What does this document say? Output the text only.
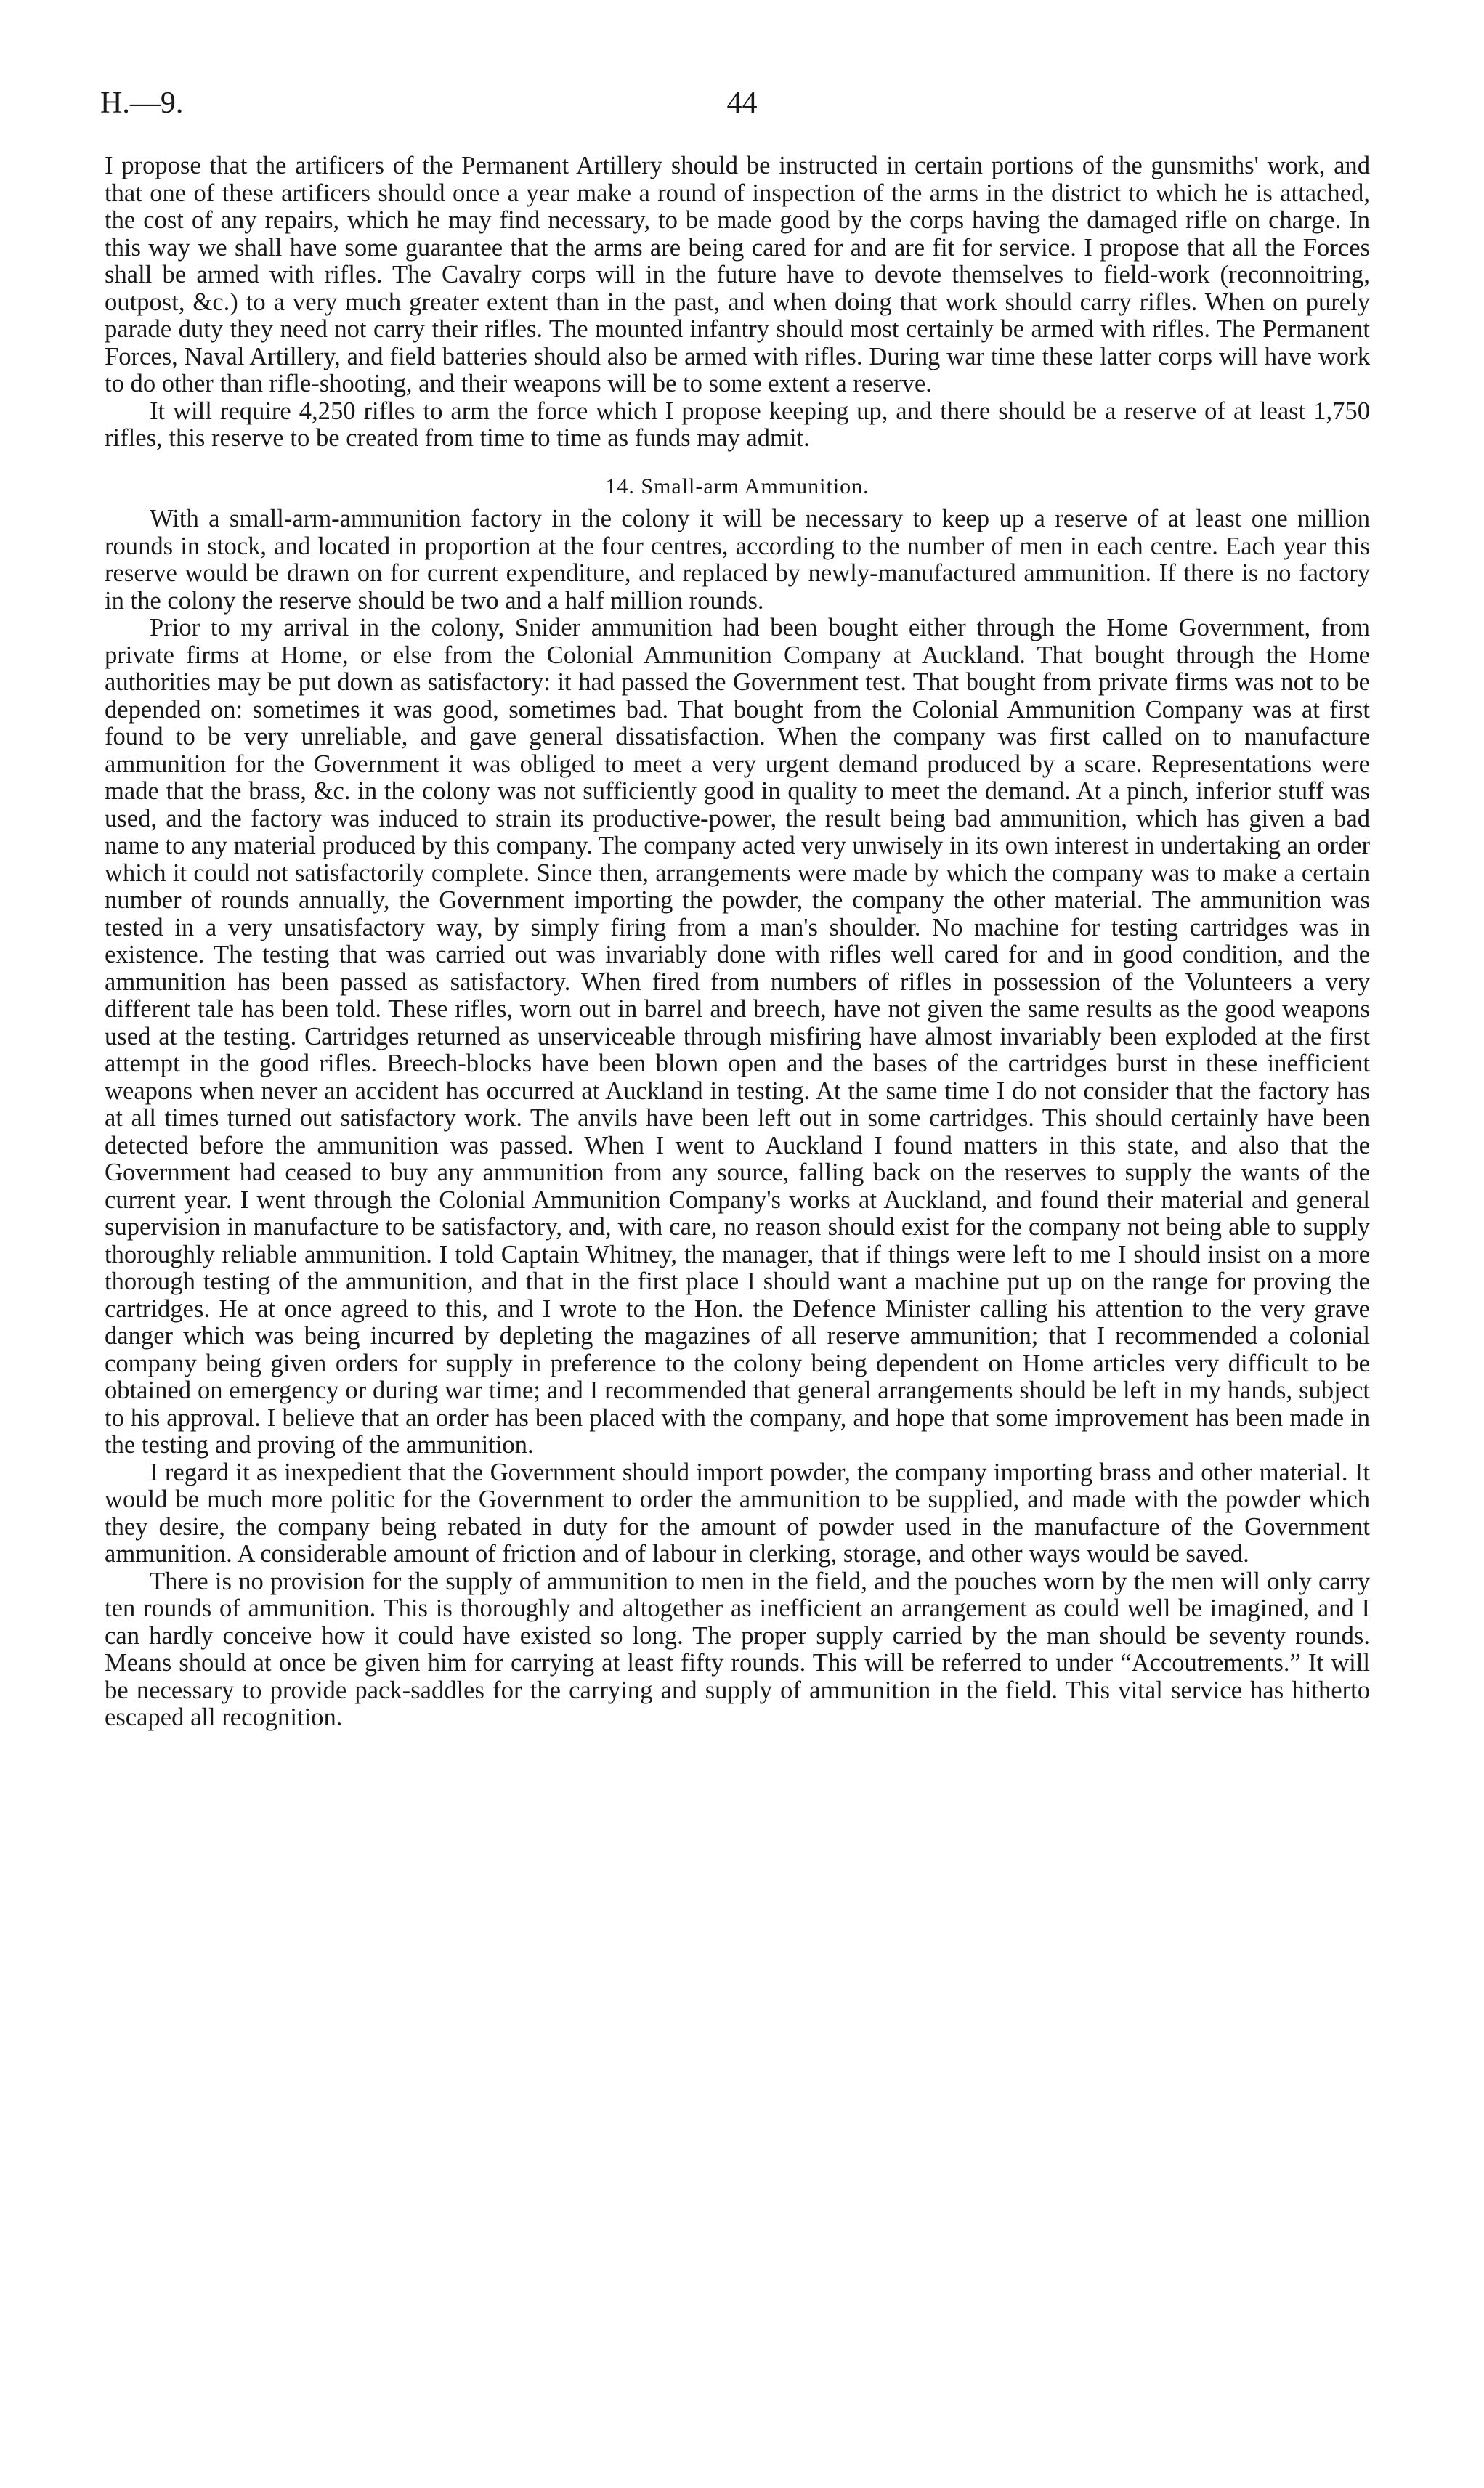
H.—9.	44

I propose that the artificers of the Permanent Artillery should be instructed in certain portions of the gunsmiths' work, and that one of these artificers should once a year make a round of inspection of the arms in the district to which he is attached, the cost of any repairs, which he may find necessary, to be made good by the corps having the damaged rifle on charge. In this way we shall have some guarantee that the arms are being cared for and are fit for service. I propose that all the Forces shall be armed with rifles. The Cavalry corps will in the future have to devote themselves to field-work (reconnoitring, outpost, &c.) to a very much greater extent than in the past, and when doing that work should carry rifles. When on purely parade duty they need not carry their rifles. The mounted infantry should most certainly be armed with rifles. The Permanent Forces, Naval Artillery, and field batteries should also be armed with rifles. During war time these latter corps will have work to do other than rifle-shooting, and their weapons will be to some extent a reserve.

It will require 4,250 rifles to arm the force which I propose keeping up, and there should be a reserve of at least 1,750 rifles, this reserve to be created from time to time as funds may admit.

14. Small-arm Ammunition.

With a small-arm-ammunition factory in the colony it will be necessary to keep up a reserve of at least one million rounds in stock, and located in proportion at the four centres, according to the number of men in each centre. Each year this reserve would be drawn on for current expenditure, and replaced by newly-manufactured ammunition. If there is no factory in the colony the reserve should be two and a half million rounds.

Prior to my arrival in the colony, Snider ammunition had been bought either through the Home Government, from private firms at Home, or else from the Colonial Ammunition Company at Auckland. That bought through the Home authorities may be put down as satisfactory: it had passed the Government test. That bought from private firms was not to be depended on: sometimes it was good, sometimes bad. That bought from the Colonial Ammunition Company was at first found to be very unreliable, and gave general dissatisfaction. When the company was first called on to manufacture ammunition for the Government it was obliged to meet a very urgent demand produced by a scare. Representations were made that the brass, &c. in the colony was not sufficiently good in quality to meet the demand. At a pinch, inferior stuff was used, and the factory was induced to strain its productive-power, the result being bad ammunition, which has given a bad name to any material produced by this company. The company acted very unwisely in its own interest in undertaking an order which it could not satisfactorily complete. Since then, arrangements were made by which the company was to make a certain number of rounds annually, the Government importing the powder, the company the other material. The ammunition was tested in a very unsatisfactory way, by simply firing from a man's shoulder. No machine for testing cartridges was in existence. The testing that was carried out was invariably done with rifles well cared for and in good condition, and the ammunition has been passed as satisfactory. When fired from numbers of rifles in possession of the Volunteers a very different tale has been told. These rifles, worn out in barrel and breech, have not given the same results as the good weapons used at the testing. Cartridges returned as unserviceable through misfiring have almost invariably been exploded at the first attempt in the good rifles. Breech-blocks have been blown open and the bases of the cartridges burst in these inefficient weapons when never an accident has occurred at Auckland in testing. At the same time I do not consider that the factory has at all times turned out satisfactory work. The anvils have been left out in some cartridges. This should certainly have been detected before the ammunition was passed. When I went to Auckland I found matters in this state, and also that the Government had ceased to buy any ammunition from any source, falling back on the reserves to supply the wants of the current year. I went through the Colonial Ammunition Company's works at Auckland, and found their material and general supervision in manufacture to be satisfactory, and, with care, no reason should exist for the company not being able to supply thoroughly reliable ammunition. I told Captain Whitney, the manager, that if things were left to me I should insist on a more thorough testing of the ammunition, and that in the first place I should want a machine put up on the range for proving the cartridges. He at once agreed to this, and I wrote to the Hon. the Defence Minister calling his attention to the very grave danger which was being incurred by depleting the magazines of all reserve ammunition; that I recommended a colonial company being given orders for supply in preference to the colony being dependent on Home articles very difficult to be obtained on emergency or during war time; and I recommended that general arrangements should be left in my hands, subject to his approval. I believe that an order has been placed with the company, and hope that some improvement has been made in the testing and proving of the ammunition.

I regard it as inexpedient that the Government should import powder, the company importing brass and other material. It would be much more politic for the Government to order the ammunition to be supplied, and made with the powder which they desire, the company being rebated in duty for the amount of powder used in the manufacture of the Government ammunition. A considerable amount of friction and of labour in clerking, storage, and other ways would be saved.

There is no provision for the supply of ammunition to men in the field, and the pouches worn by the men will only carry ten rounds of ammunition. This is thoroughly and altogether as inefficient an arrangement as could well be imagined, and I can hardly conceive how it could have existed so long. The proper supply carried by the man should be seventy rounds. Means should at once be given him for carrying at least fifty rounds. This will be referred to under “Accoutrements.” It will be necessary to provide pack-saddles for the carrying and supply of ammunition in the field. This vital service has hitherto escaped all recognition.
